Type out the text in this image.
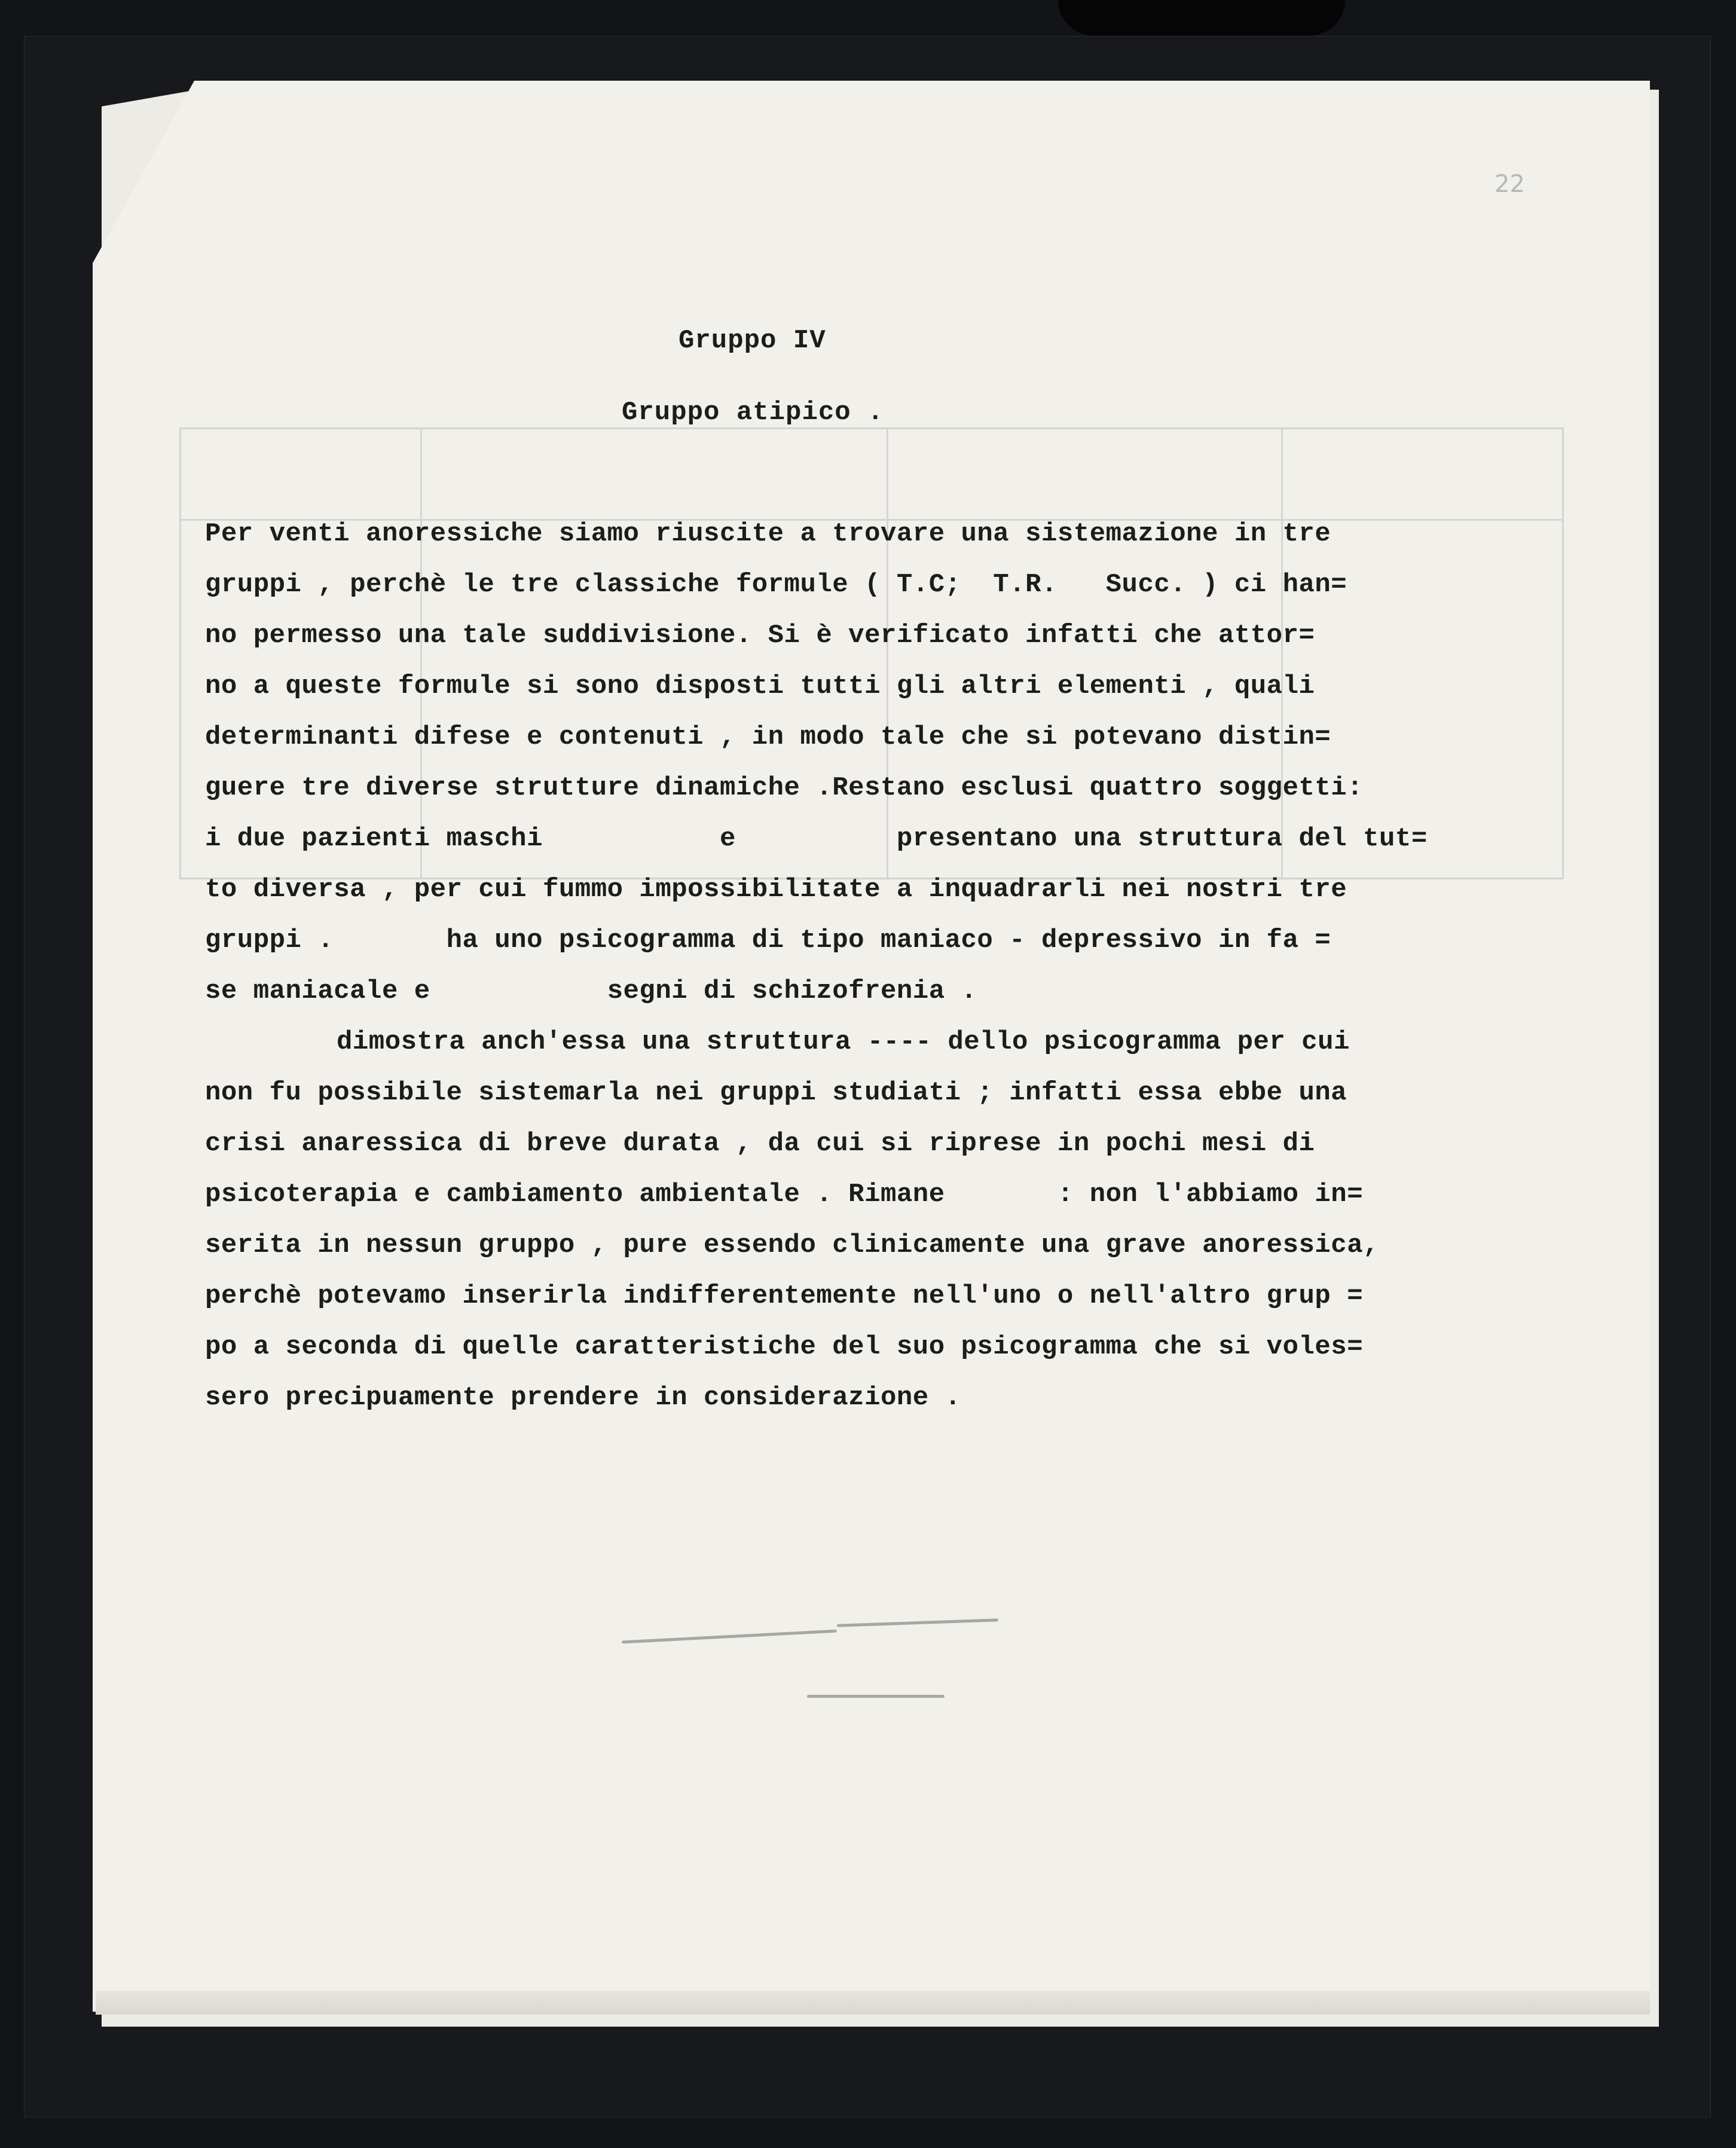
22
Gruppo IV
Gruppo atipico .
Per venti anoressiche siamo riuscite a trovare una sistemazione in tre
gruppi , perchè le tre classiche formule ( T.C;  T.R.   Succ. ) ci han=
no permesso una tale suddivisione. Si è verificato infatti che attor=
no a queste formule si sono disposti tutti gli altri elementi , quali
determinanti difese e contenuti , in modo tale che si potevano distin=
guere tre diverse strutture dinamiche .Restano esclusi quattro soggetti:
i due pazienti maschi           e          presentano una struttura del tut=
to diversa , per cui fummo impossibilitate a inquadrarli nei nostri tre
gruppi .       ha uno psicogramma di tipo maniaco - depressivo in fa =
se maniacale e           segni di schizofrenia .
dimostra anch'essa una struttura ---- dello psicogramma per cui
non fu possibile sistemarla nei gruppi studiati ; infatti essa ebbe una
crisi anaressica di breve durata , da cui si riprese in pochi mesi di
psicoterapia e cambiamento ambientale . Rimane       : non l'abbiamo in=
serita in nessun gruppo , pure essendo clinicamente una grave anoressica,
perchè potevamo inserirla indifferentemente nell'uno o nell'altro grup =
po a seconda di quelle caratteristiche del suo psicogramma che si voles=
sero precipuamente prendere in considerazione .
